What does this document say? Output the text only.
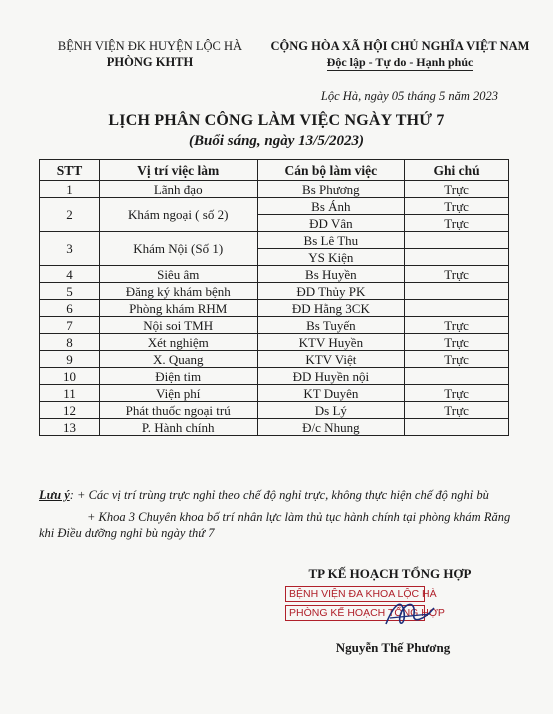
BỆNH VIỆN ĐK HUYỆN LỘC HÀ
PHÒNG KHTH
CỘNG HÒA XÃ HỘI CHỦ NGHĨA VIỆT NAM
Độc lập - Tự do - Hạnh phúc
Lộc Hà, ngày 05 tháng 5 năm 2023
LỊCH PHÂN CÔNG LÀM VIỆC NGÀY THỨ 7
(Buổi sáng, ngày 13/5/2023)
STT	Vị trí việc làm	Cán bộ làm việc	Ghi chú
1	Lãnh đạo	Bs Phương	Trực
2	Khám ngoại ( số 2)	Bs Ánh	Trực
		ĐD Vân	Trực
3	Khám Nội (Số 1)	Bs Lê Thu	
		YS Kiện	
4	Siêu âm	Bs Huyền	Trực
5	Đăng ký khám bệnh	ĐD Thủy PK	
6	Phòng khám RHM	ĐD Hằng 3CK	
7	Nội soi TMH	Bs Tuyến	Trực
8	Xét nghiệm	KTV Huyền	Trực
9	X. Quang	KTV Việt	Trực
10	Điện tim	ĐD Huyền nội	
11	Viện phí	KT Duyên	Trực
12	Phát thuốc ngoại trú	Ds Lý	Trực
13	P. Hành chính	Đ/c Nhung	
Lưu ý: + Các vị trí trùng trực nghỉ theo chế độ nghỉ trực, không thực hiện chế độ nghỉ bù
+ Khoa 3 Chuyên khoa bố trí nhân lực làm thủ tục hành chính tại phòng khám Răng khi Điều dưỡng nghỉ bù ngày thứ 7
TP KẾ HOẠCH TỔNG HỢP
BỆNH VIỆN ĐA KHOA LỘC HÀ
PHÒNG KẾ HOẠCH TỔNG HỢP
Nguyễn Thế Phương
